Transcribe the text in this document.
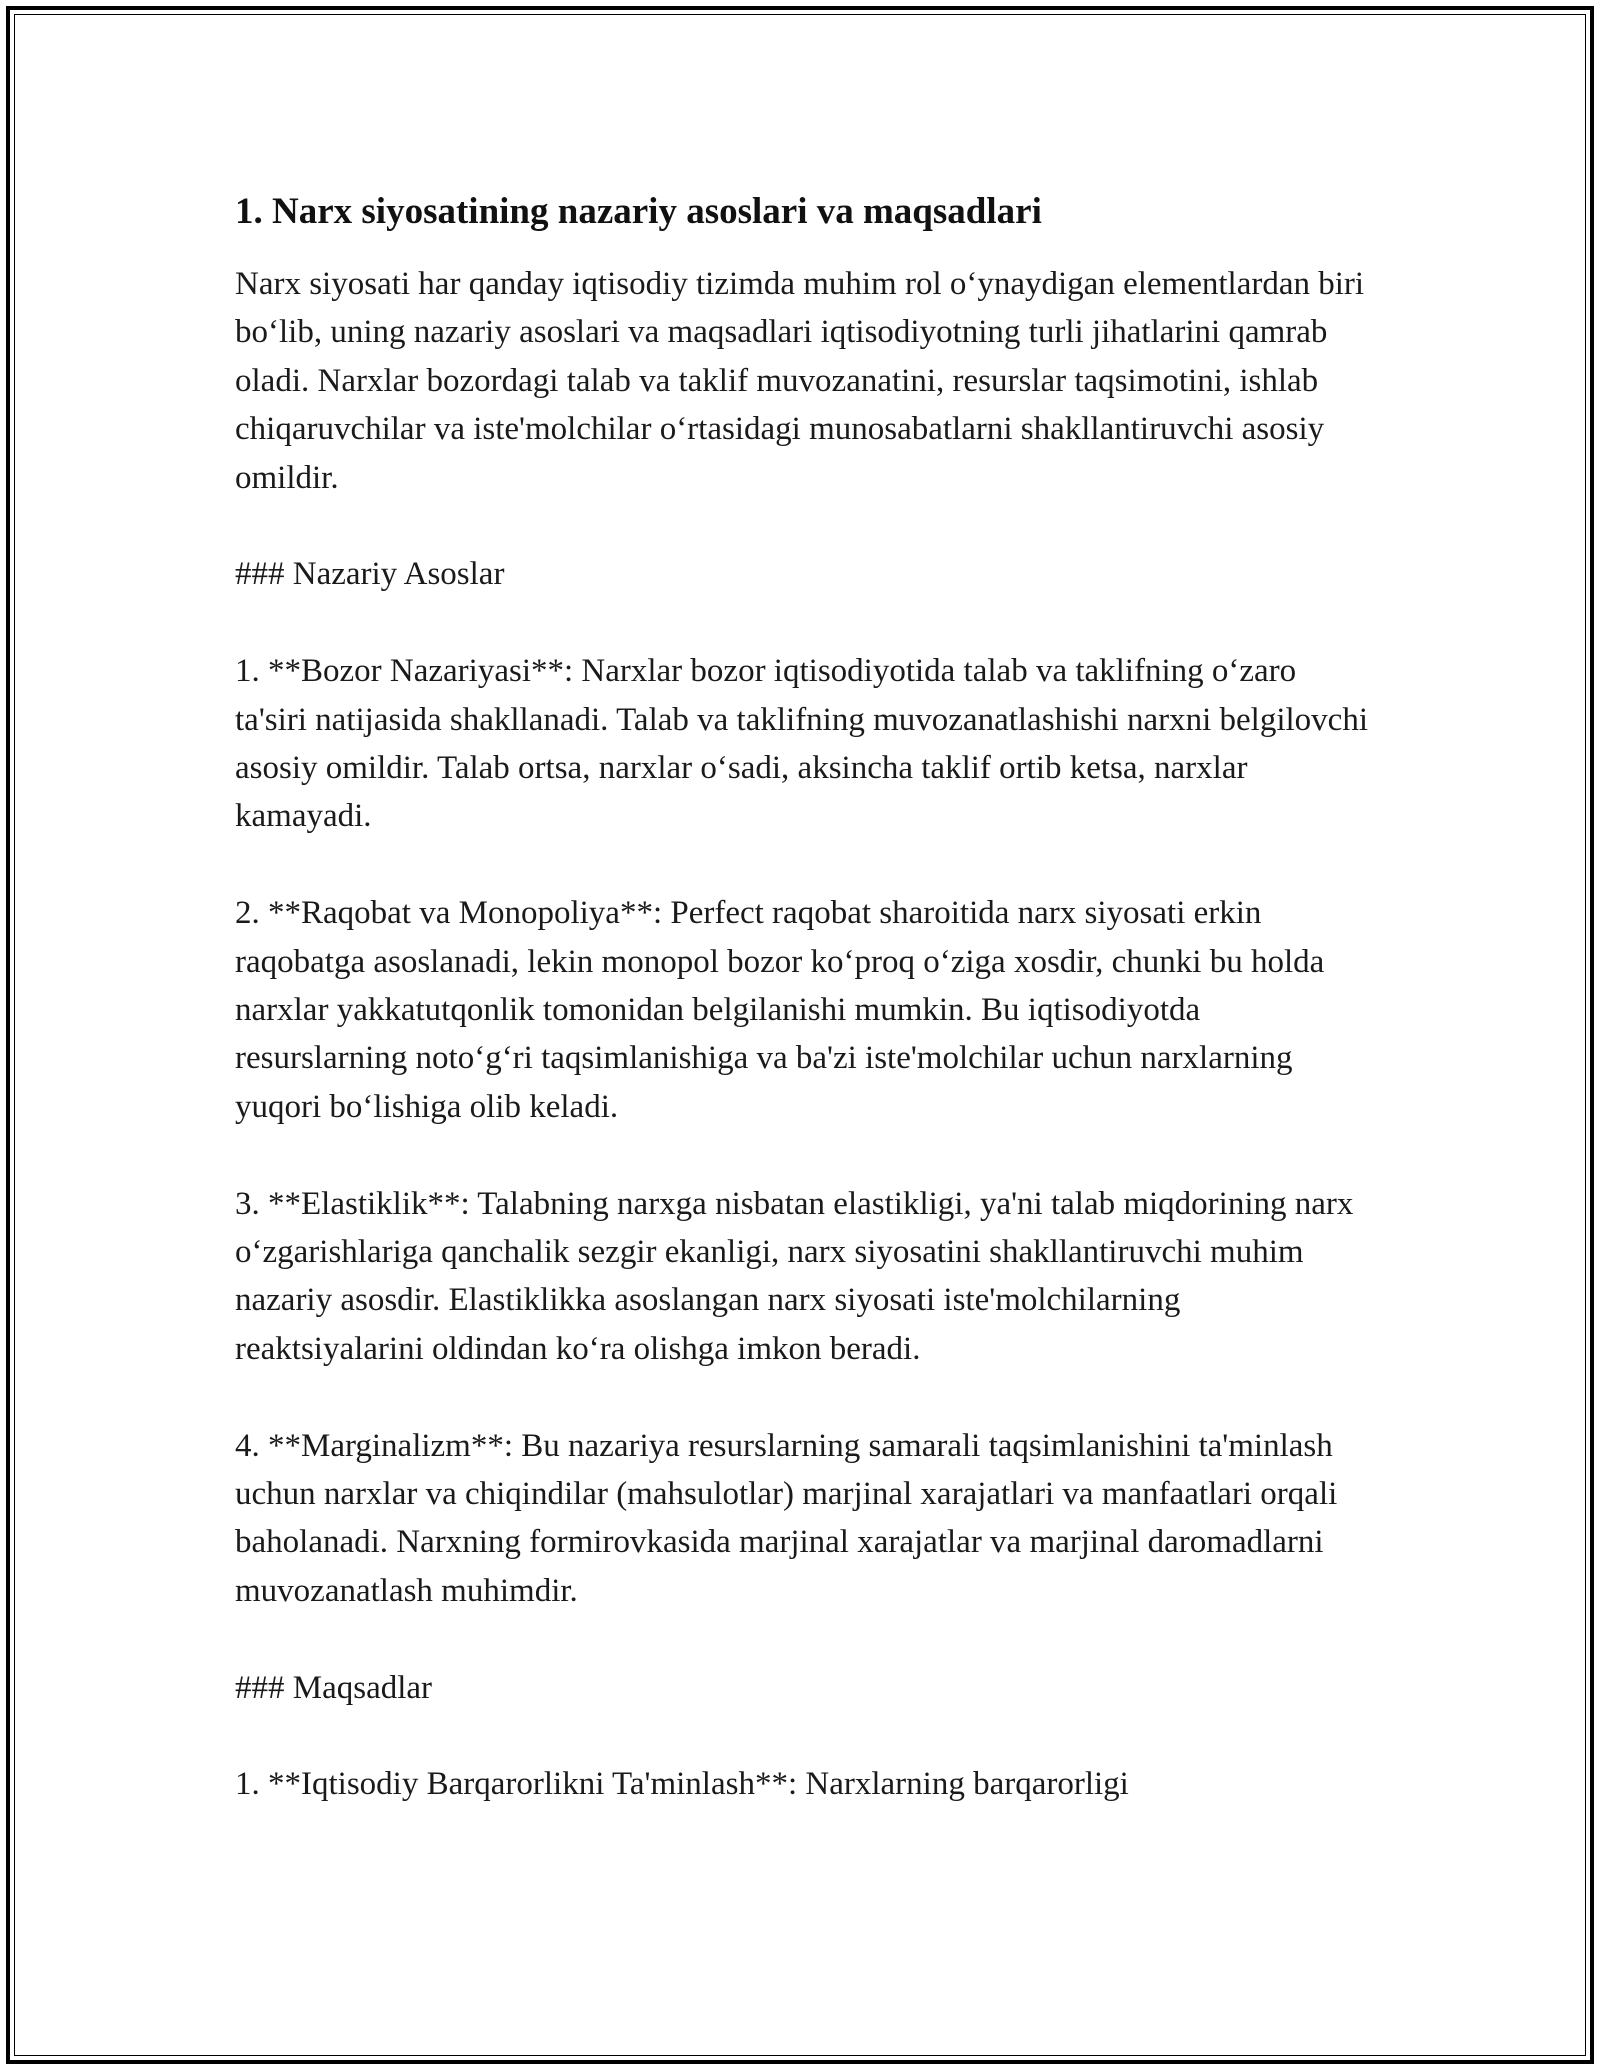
1. Narx siyosatining nazariy asoslari va maqsadlari

Narx siyosati har qanday iqtisodiy tizimda muhim rol oʻynaydigan elementlardan biri boʻlib, uning nazariy asoslari va maqsadlari iqtisodiyotning turli jihatlarini qamrab oladi. Narxlar bozordagi talab va taklif muvozanatini, resurslar taqsimotini, ishlab chiqaruvchilar va iste'molchilar oʻrtasidagi munosabatlarni shakllantiruvchi asosiy omildir.

### Nazariy Asoslar

1. **Bozor Nazariyasi**: Narxlar bozor iqtisodiyotida talab va taklifning oʻzaro ta'siri natijasida shakllanadi. Talab va taklifning muvozanatlashishi narxni belgilovchi asosiy omildir. Talab ortsa, narxlar oʻsadi, aksincha taklif ortib ketsa, narxlar kamayadi.

2. **Raqobat va Monopoliya**: Perfect raqobat sharoitida narx siyosati erkin raqobatga asoslanadi, lekin monopol bozor koʻproq oʻziga xosdir, chunki bu holda narxlar yakkatutqonlik tomonidan belgilanishi mumkin. Bu iqtisodiyotda resurslarning notoʻgʻri taqsimlanishiga va ba'zi iste'molchilar uchun narxlarning yuqori boʻlishiga olib keladi.

3. **Elastiklik**: Talabning narxga nisbatan elastikligi, ya'ni talab miqdorining narx oʻzgarishlariga qanchalik sezgir ekanligi, narx siyosatini shakllantiruvchi muhim nazariy asosdir. Elastiklikka asoslangan narx siyosati iste'molchilarning reaktsiyalarini oldindan koʻra olishga imkon beradi.

4. **Marginalizm**: Bu nazariya resurslarning samarali taqsimlanishini ta'minlash uchun narxlar va chiqindilar (mahsulotlar) marjinal xarajatlari va manfaatlari orqali baholanadi. Narxning formirovkasida marjinal xarajatlar va marjinal daromadlarni muvozanatlash muhimdir.

### Maqsadlar

1. **Iqtisodiy Barqarorlikni Ta'minlash**: Narxlarning barqarorligi
